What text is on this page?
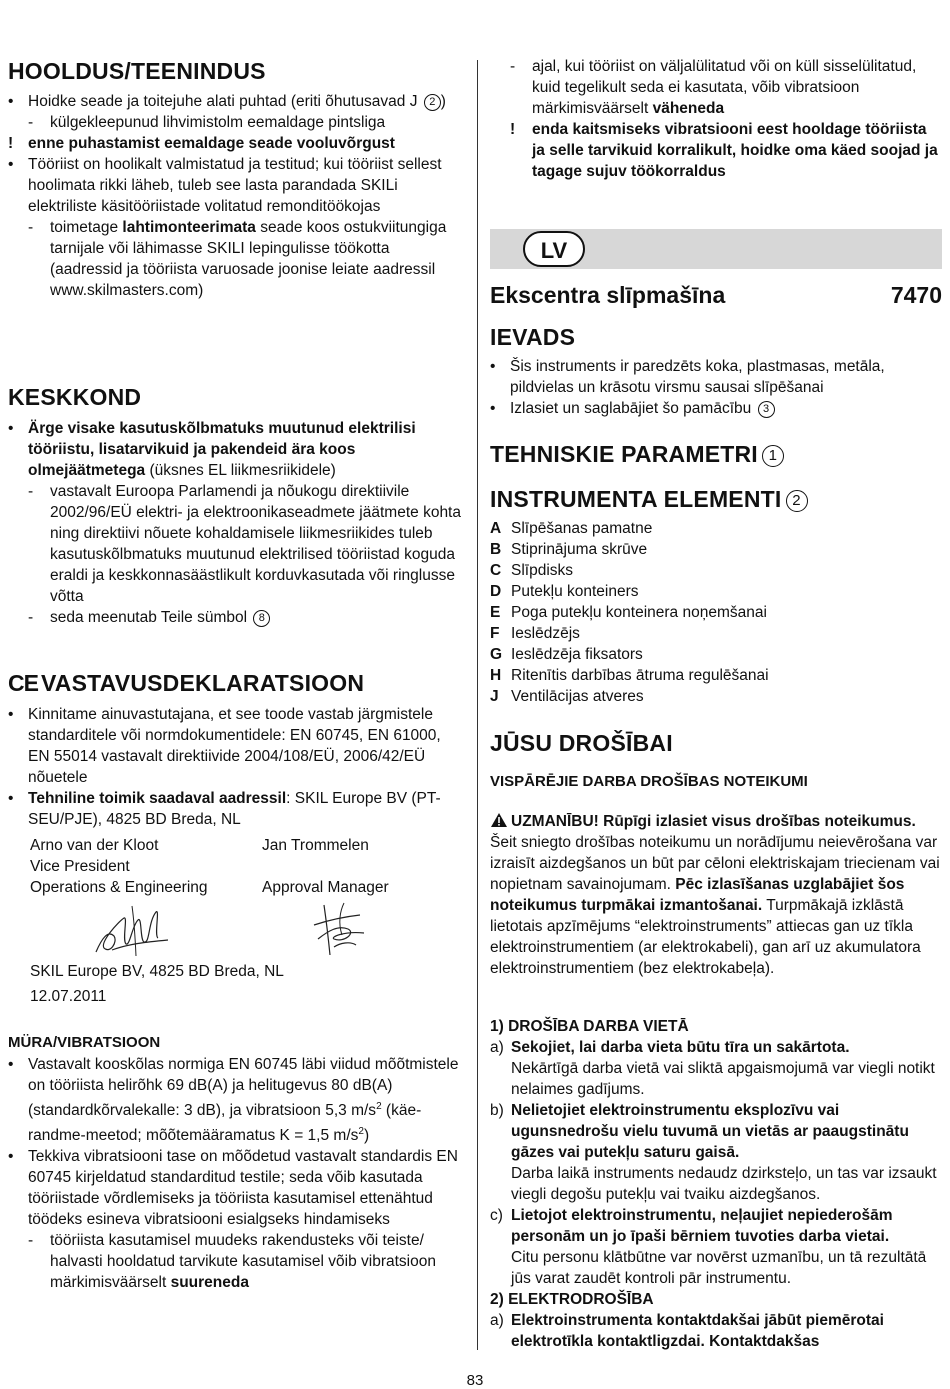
HOOLDUS/TEENINDUS
• Hoidke seade ja toitejuhe alati puhtad (eriti õhutusavad J 2 )
- külgekleepunud lihvimistolm eemaldage pintsliga
! enne puhastamist eemaldage seade vooluvõrgust
• Tööriist on hoolikalt valmistatud ja testitud; kui tööriist sellest hoolimata rikki läheb, tuleb see lasta parandada SKILi elektriliste käsitööriistade volitatud remonditöökojas
- toimetage lahtimonteerimata seade koos ostukviitungiga tarnijale või lähimasse SKILI lepingulisse töökotta (aadressid ja tööriista varuosade joonise leiate aadressil www.skilmasters.com)
KESKKOND
• Ärge visake kasutuskõlbmatuks muutunud elektrilisi tööriistu, lisatarvikuid ja pakendeid ära koos olmejäätmetega (üksnes EL liikmesriikidele)
- vastavalt Euroopa Parlamendi ja nõukogu direktiivile 2002/96/EÜ elektri- ja elektroonikaseadmete jäätmete kohta ning direktiivi nõuete kohaldamisele liikmesriikides tuleb kasutuskõlbmatuks muutunud elektrilised tööriistad koguda eraldi ja keskkonnasäästlikult korduvkasutada või ringlusse võtta
- seda meenutab Teile sümbol 8
CE VASTAVUSDEKLARATSIOON
• Kinnitame ainuvastutajana, et see toode vastab järgmistele standarditele või normdokumentidele: EN 60745, EN 61000, EN 55014 vastavalt direktiivide 2004/108/EÜ, 2006/42/EÜ nõuetele
• Tehniline toimik saadaval aadressil: SKIL Europe BV (PT-SEU/PJE), 4825 BD Breda, NL
Arno van der Kloot
Vice President
Operations & Engineering
Jan Trommelen
Approval Manager
SKIL Europe BV, 4825 BD Breda, NL
12.07.2011
MÜRA/VIBRATSIOON
• Vastavalt kooskõlas normiga EN 60745 läbi viidud mõõtmistele on tööriista helirõhk 69 dB(A) ja helitugevus 80 dB(A) (standardkõrvalekalle: 3 dB), ja vibratsioon 5,3 $m/s^2$ (käe-randme-meetod; mõõtemääramatus K = 1,5 $m/s^2$)
• Tekkiva vibratsiooni tase on mõõdetud vastavalt standardis EN 60745 kirjeldatud standarditud testile; seda võib kasutada tööriistade võrdlemiseks ja tööriista kasutamisel ettenähtud töödeks esineva vibratsiooni esialgseks hindamiseks
- tööriista kasutamisel muudeks rakendusteks või teiste/ halvasti hooldatud tarvikute kasutamisel võib vibratsioon märkimisväärselt suureneda
- ajal, kui tööriist on väljalülitatud või on küll sisselülitatud, kuid tegelikult seda ei kasutata, võib vibratsioon märkimisväärselt väheneda
! enda kaitsmiseks vibratsiooni eest hooldage tööriista ja selle tarvikuid korralikult, hoidke oma käed soojad ja tagage sujuv töökorraldus
LV
Ekscentra slīpmašīna	7470
IEVADS
• Šis instruments ir paredzēts koka, plastmasas, metāla, pildvielas un krāsotu virsmu sausai slīpēšanai
• Izlasiet un saglabājiet šo pamācību 3
TEHNISKIE PARAMETRI 1
INSTRUMENTA ELEMENTI 2
A Slīpēšanas pamatne
B Stiprinājuma skrūve
C Slīpdisks
D Putekļu konteiners
E Poga putekļu konteinera noņemšanai
F Ieslēdzējs
G Ieslēdzēja fiksators
H Ritenītis darbības ātruma regulēšanai
J Ventilācijas atveres
JŪSU DROŠĪBAI
VISPĀRĒJIE DARBA DROŠĪBAS NOTEIKUMI
UZMANĪBU! Rūpīgi izlasiet visus drošības noteikumus. Šeit sniegto drošības noteikumu un norādījumu neievērošana var izraisīt aizdegšanos un būt par cēloni elektriskajam triecienam vai nopietnam savainojumam. Pēc izlasīšanas uzglabājiet šos noteikumus turpmākai izmantošanai. Turpmākajā izklāstā lietotais apzīmējums “elektroinstruments” attiecas gan uz tīkla elektroinstrumentiem (ar elektrokabeli), gan arī uz akumulatora elektroinstrumentiem (bez elektrokabeļa).
1) DROŠĪBA DARBA VIETĀ
a) Sekojiet, lai darba vieta būtu tīra un sakārtota.
Nekārtīgā darba vietā vai sliktā apgaismojumā var viegli notikt nelaimes gadījums.
b) Nelietojiet elektroinstrumentu eksplozīvu vai ugunsnedrošu vielu tuvumā un vietās ar paaugstinātu gāzes vai putekļu saturu gaisā.
Darba laikā instruments nedaudz dzirksteļo, un tas var izsaukt viegli degošu putekļu vai tvaiku aizdegšanos.
c) Lietojot elektroinstrumentu, neļaujiet nepiederošām personām un jo īpaši bērniem tuvoties darba vietai.
Citu personu klātbūtne var novērst uzmanību, un tā rezultātā jūs varat zaudēt kontroli pār instrumentu.
2) ELEKTRODROŠĪBA
a) Elektroinstrumenta kontaktdakšai jābūt piemērotai elektrotīkla kontaktligzdai. Kontaktdakšas
83
